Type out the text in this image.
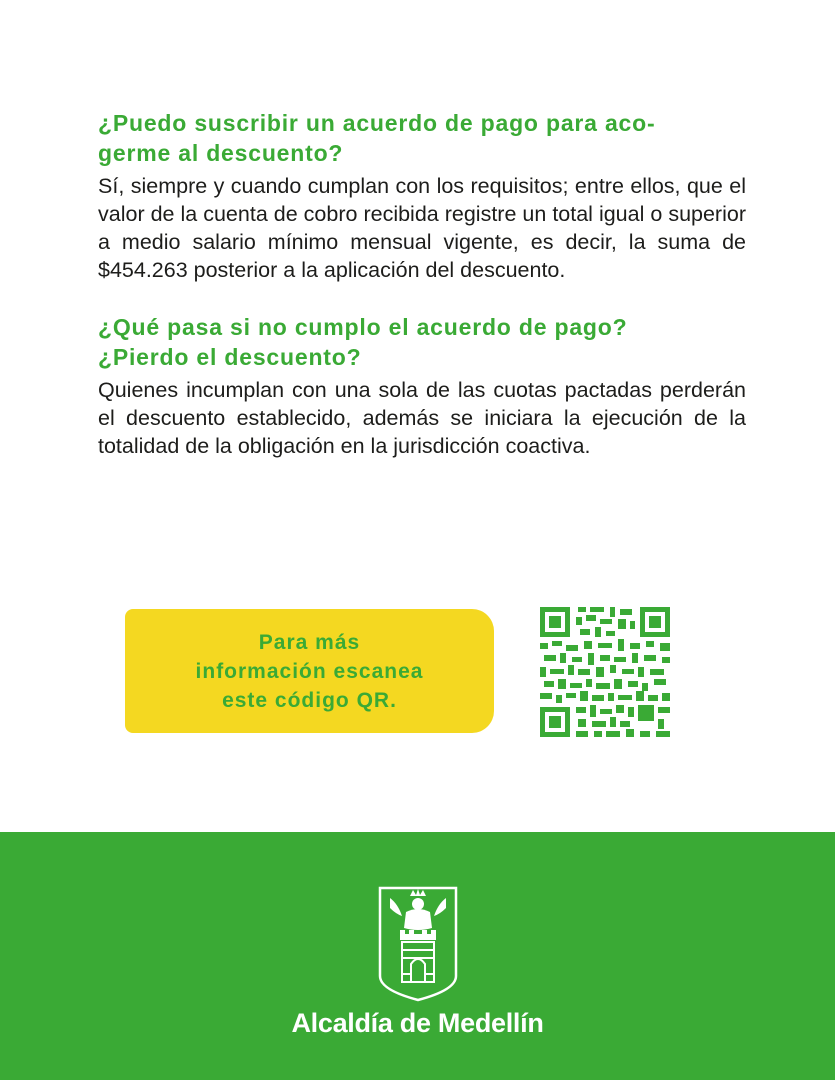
¿Puedo suscribir un acuerdo de pago para aco-
germe al descuento?

Sí, siempre y cuando cumplan con los requisitos; entre ellos, que el valor de la cuenta de cobro recibida registre un total igual o superior a medio salario mínimo mensual vigente, es decir, la suma de $454.263 posterior a la aplicación del descuento.

¿Qué pasa si no cumplo el acuerdo de pago?
¿Pierdo el descuento?

Quienes incumplan con una sola de las cuotas pactadas perderán el descuento establecido, además se iniciara la ejecución de la totalidad de la obligación en la jurisdicción coactiva.

Para más
información escanea
este código QR.
Alcaldía de Medellín
